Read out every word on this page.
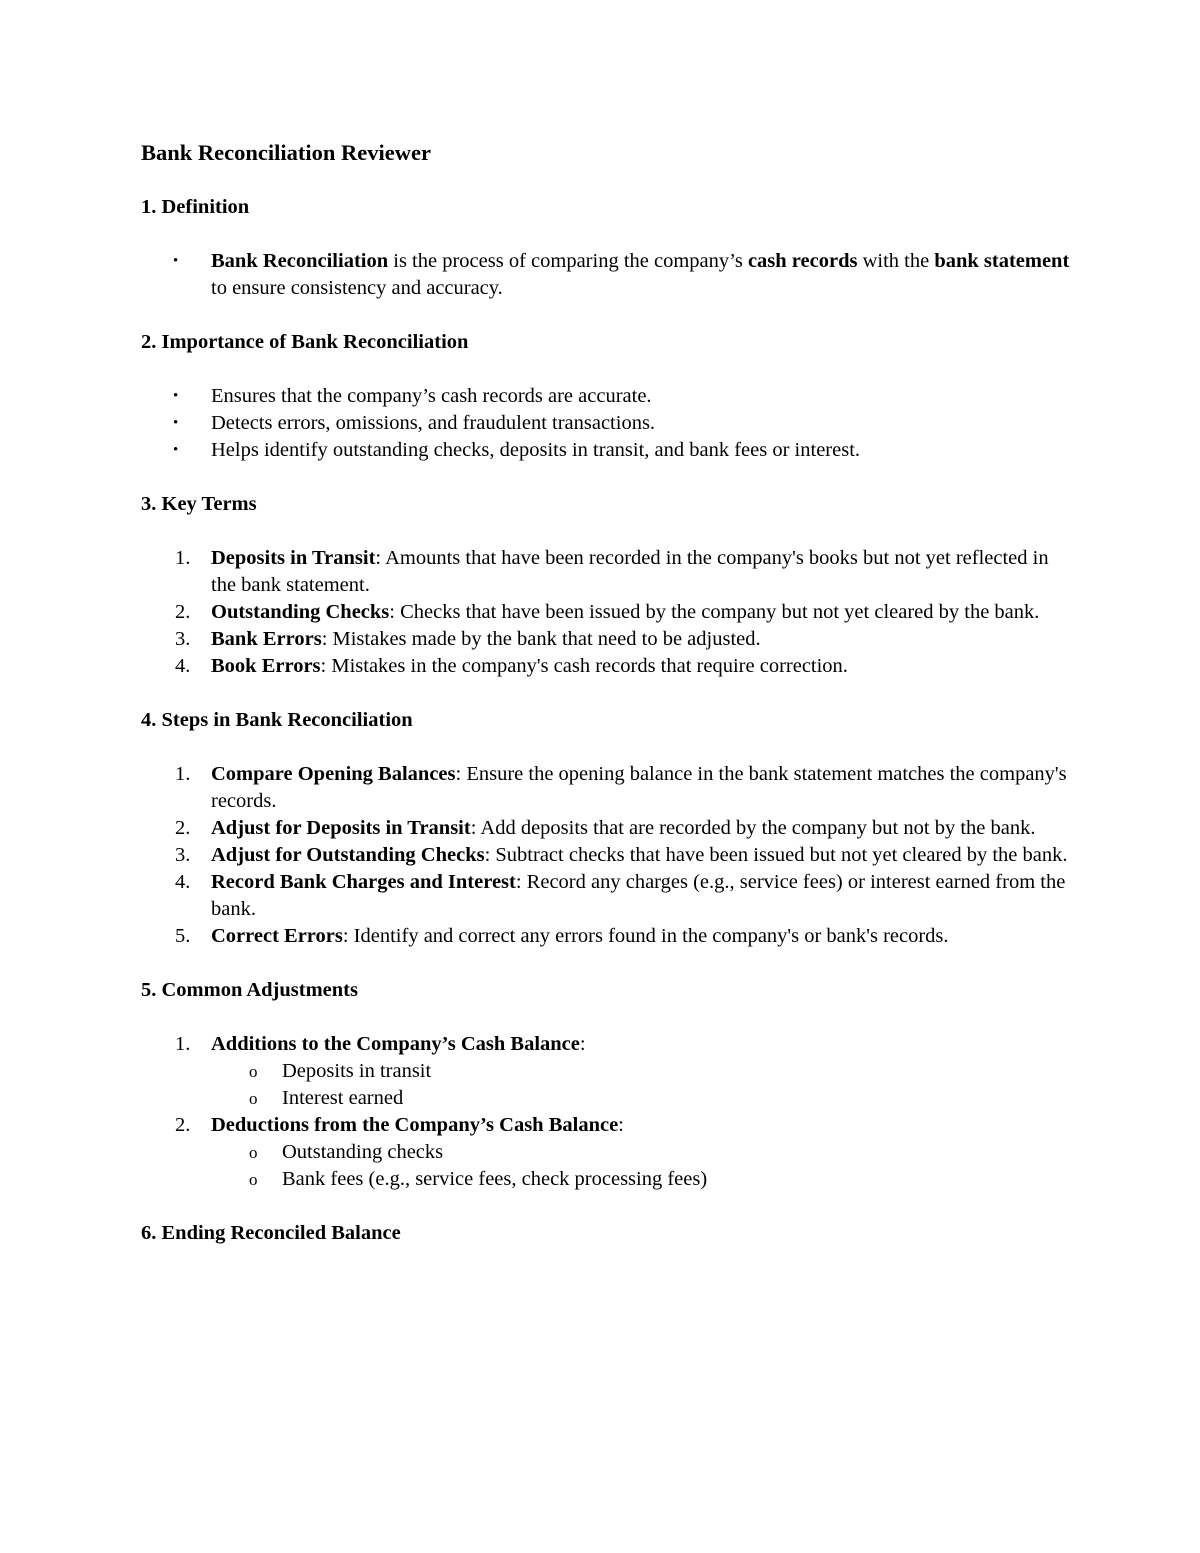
Bank Reconciliation Reviewer
1. Definition
• Bank Reconciliation is the process of comparing the company’s cash records with the bank statement to ensure consistency and accuracy.
2. Importance of Bank Reconciliation
• Ensures that the company’s cash records are accurate.
• Detects errors, omissions, and fraudulent transactions.
• Helps identify outstanding checks, deposits in transit, and bank fees or interest.
3. Key Terms
1. Deposits in Transit: Amounts that have been recorded in the company's books but not yet reflected in the bank statement.
2. Outstanding Checks: Checks that have been issued by the company but not yet cleared by the bank.
3. Bank Errors: Mistakes made by the bank that need to be adjusted.
4. Book Errors: Mistakes in the company's cash records that require correction.
4. Steps in Bank Reconciliation
1. Compare Opening Balances: Ensure the opening balance in the bank statement matches the company's records.
2. Adjust for Deposits in Transit: Add deposits that are recorded by the company but not by the bank.
3. Adjust for Outstanding Checks: Subtract checks that have been issued but not yet cleared by the bank.
4. Record Bank Charges and Interest: Record any charges (e.g., service fees) or interest earned from the bank.
5. Correct Errors: Identify and correct any errors found in the company's or bank's records.
5. Common Adjustments
1. Additions to the Company’s Cash Balance:
o Deposits in transit
o Interest earned
2. Deductions from the Company’s Cash Balance:
o Outstanding checks
o Bank fees (e.g., service fees, check processing fees)
6. Ending Reconciled Balance
